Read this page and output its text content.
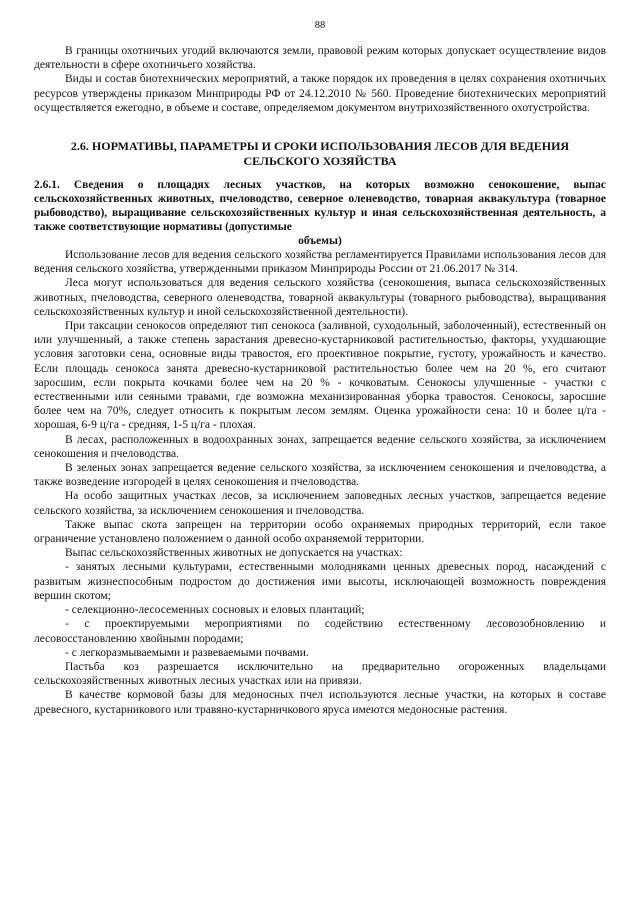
88

В границы охотничьих угодий включаются земли, правовой режим которых допускает осуществление видов деятельности в сфере охотничьего хозяйства.

Виды и состав биотехнических мероприятий, а также порядок их проведения в целях сохранения охотничьих ресурсов утверждены приказом Минприроды РФ от 24.12.2010 № 560. Проведение биотехнических мероприятий осуществляется ежегодно, в объеме и составе, определяемом документом внутрихозяйственного охотустройства.

2.6. НОРМАТИВЫ, ПАРАМЕТРЫ И СРОКИ ИСПОЛЬЗОВАНИЯ ЛЕСОВ ДЛЯ ВЕДЕНИЯ СЕЛЬСКОГО ХОЗЯЙСТВА
2.6.1. Сведения о площадях лесных участков, на которых возможно сенокошение, выпас сельскохозяйственных животных, пчеловодство, северное оленеводство, товарная аквакультура (товарное рыбоводство), выращивание сельскохозяйственных культур и иная сельскохозяйственная деятельность, а также соответствующие нормативы (допустимые
объемы)

Использование лесов для ведения сельского хозяйства регламентируется Правилами использования лесов для ведения сельского хозяйства, утвержденными приказом Минприроды России от 21.06.2017 № 314.

Леса могут использоваться для ведения сельского хозяйства (сенокошения, выпаса сельскохозяйственных животных, пчеловодства, северного оленеводства, товарной аквакультуры (товарного рыбоводства), выращивания сельскохозяйственных культур и иной сельскохозяйственной деятельности).

При таксации сенокосов определяют тип сенокоса (заливной, суходольный, заболоченный), естественный он или улучшенный, а также степень зарастания древесно-кустарниковой растительностью, факторы, ухудшающие условия заготовки сена, основные виды травостоя, его проективное покрытие, густоту, урожайность и качество. Если площадь сенокоса занята древесно-кустарниковой растительностью более чем на 20 %, его считают заросшим, если покрыта кочками более чем на 20 % - кочковатым. Сенокосы улучшенные - участки с естественными или сеяными травами, где возможна механизированная уборка травостоя. Сенокосы, заросшие более чем на 70%, следует относить к покрытым лесом землям. Оценка урожайности сена: 10 и более ц/га - хорошая, 6-9 ц/га - средняя, 1-5 ц/га - плохая.

В лесах, расположенных в водоохранных зонах, запрещается ведение сельского хозяйства, за исключением сенокошения и пчеловодства.

В зеленых зонах запрещается ведение сельского хозяйства, за исключением сенокошения и пчеловодства, а также возведение изгородей в целях сенокошения и пчеловодства.

На особо защитных участках лесов, за исключением заповедных лесных участков, запрещается ведение сельского хозяйства, за исключением сенокошения и пчеловодства.

Также выпас скота запрещен на территории особо охраняемых природных территорий, если такое ограничение установлено положением о данной особо охраняемой территории.

Выпас сельскохозяйственных животных не допускается на участках:

- занятых лесными культурами, естественными молодняками ценных древесных пород, насаждений с развитым жизнеспособным подростом до достижения ими высоты, исключающей возможность повреждения вершин скотом;

- селекционно-лесосеменных сосновых и еловых плантаций;

- с проектируемыми мероприятиями по содействию естественному лесовозобновлению и лесовосстановлению хвойными породами;

- с легкоразмываемыми и развеваемыми почвами.

Пастьба коз разрешается исключительно на предварительно огороженных владельцами сельскохозяйственных животных лесных участках или на привязи.

В качестве кормовой базы для медоносных пчел используются лесные участки, на которых в составе древесного, кустарникового или травяно-кустарничкового яруса имеются медоносные растения.
